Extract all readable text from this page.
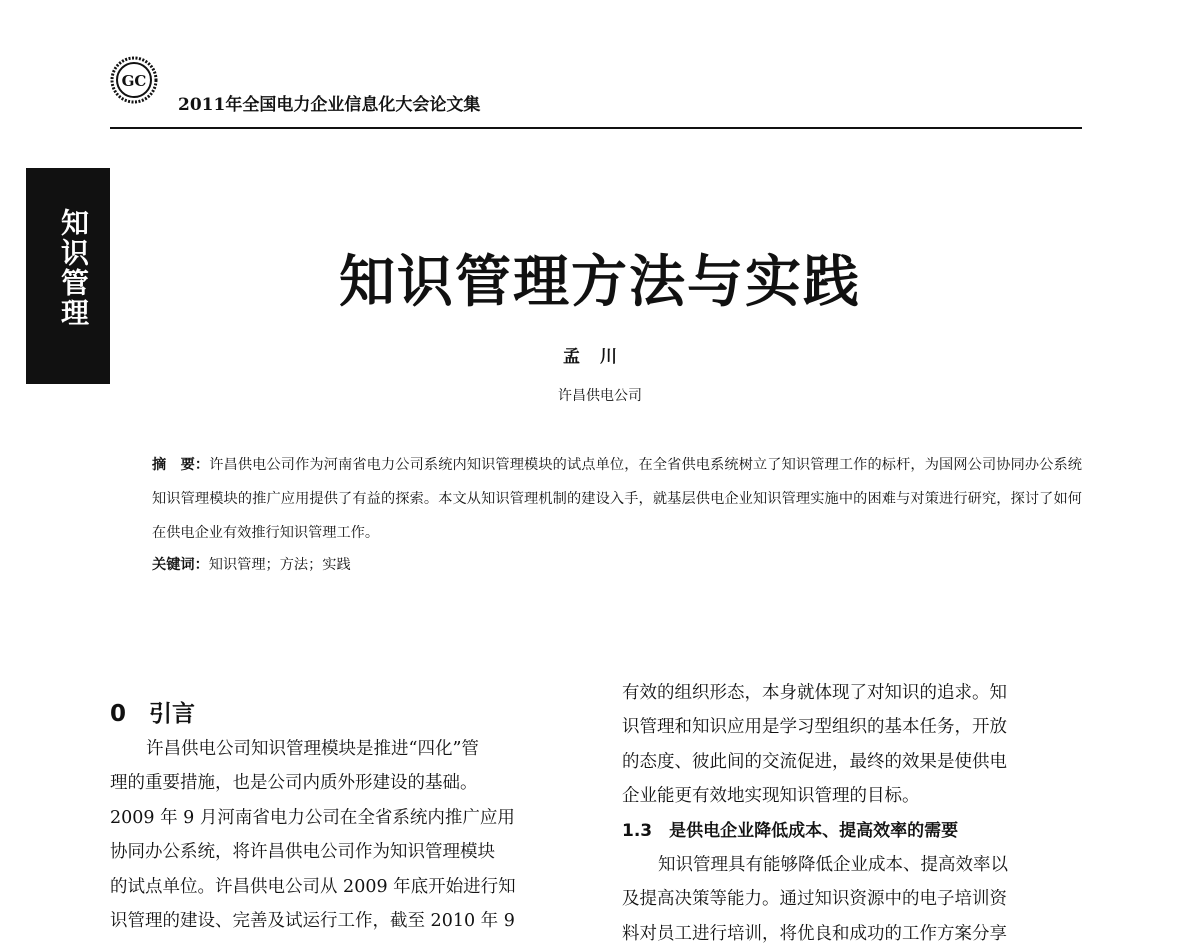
GC
2011年全国电力企业信息化大会论文集
知识管理	知识管理方法与实践
孟川
许昌供电公司
摘　要：许昌供电公司作为河南省电力公司系统内知识管理模块的试点单位，在全省供电系统树立了知识管理工作的标杆，为国网公司协同办公系统知识管理模块的推广应用提供了有益的探索。本文从知识管理机制的建设入手，就基层供电企业知识管理实施中的困难与对策进行研究，探讨了如何在供电企业有效推行知识管理工作。
关键词：知识管理；方法；实践
0　引言
许昌供电公司知识管理模块是推进“四化”管
理的重要措施，也是公司内质外形建设的基础。
2009 年 9 月河南省电力公司在全省系统内推广应用
协同办公系统，将许昌供电公司作为知识管理模块
的试点单位。许昌供电公司从 2009 年底开始进行知
识管理的建设、完善及试运行工作，截至 2010 年 9
有效的组织形态，本身就体现了对知识的追求。知
识管理和知识应用是学习型组织的基本任务，开放
的态度、彼此间的交流促进，最终的效果是使供电
企业能更有效地实现知识管理的目标。
1.3　是供电企业降低成本、提高效率的需要
知识管理具有能够降低企业成本、提高效率以
及提高决策等能力。通过知识资源中的电子培训资
料对员工进行培训，将优良和成功的工作方案分享
